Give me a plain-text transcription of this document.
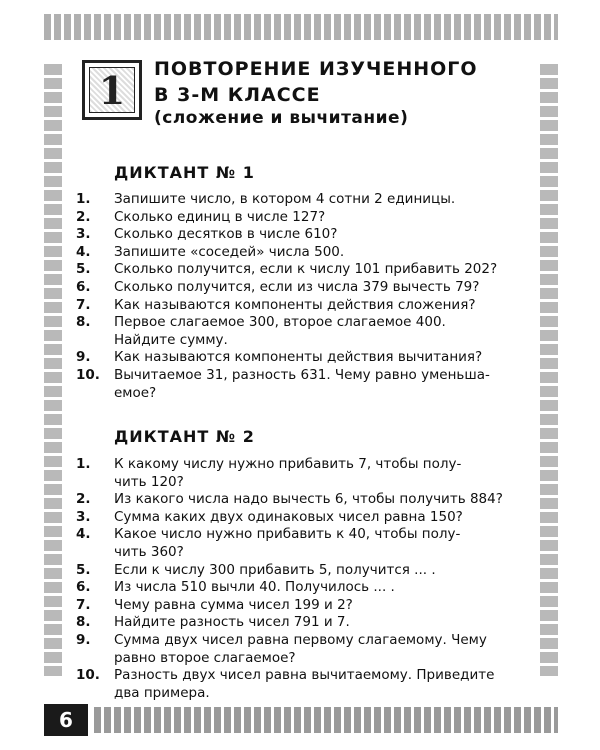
1	ПОВТОРЕНИЕ ИЗУЧЕННОГО
В 3-М КЛАССЕ
(сложение и вычитание)
ДИКТАНТ № 1
1.	Запишите число, в котором 4 сотни 2 единицы.
2.	Сколько единиц в числе 127?
3.	Сколько десятков в числе 610?
4.	Запишите «соседей» числа 500.
5.	Сколько получится, если к числу 101 прибавить 202?
6.	Сколько получится, если из числа 379 вычесть 79?
7.	Как называются компоненты действия сложения?
8.	Первое слагаемое 300, второе слагаемое 400.
Найдите сумму.
9.	Как называются компоненты действия вычитания?
10.	Вычитаемое 31, разность 631. Чему равно уменьша-
емое?
ДИКТАНТ № 2
1.	К какому числу нужно прибавить 7, чтобы полу-
чить 120?
2.	Из какого числа надо вычесть 6, чтобы получить 884?
3.	Сумма каких двух одинаковых чисел равна 150?
4.	Какое число нужно прибавить к 40, чтобы полу-
чить 360?
5.	Если к числу 300 прибавить 5, получится ... .
6.	Из числа 510 вычли 40. Получилось ... .
7.	Чему равна сумма чисел 199 и 2?
8.	Найдите разность чисел 791 и 7.
9.	Сумма двух чисел равна первому слагаемому. Чему
равно второе слагаемое?
10.	Разность двух чисел равна вычитаемому. Приведите
два примера.
6
